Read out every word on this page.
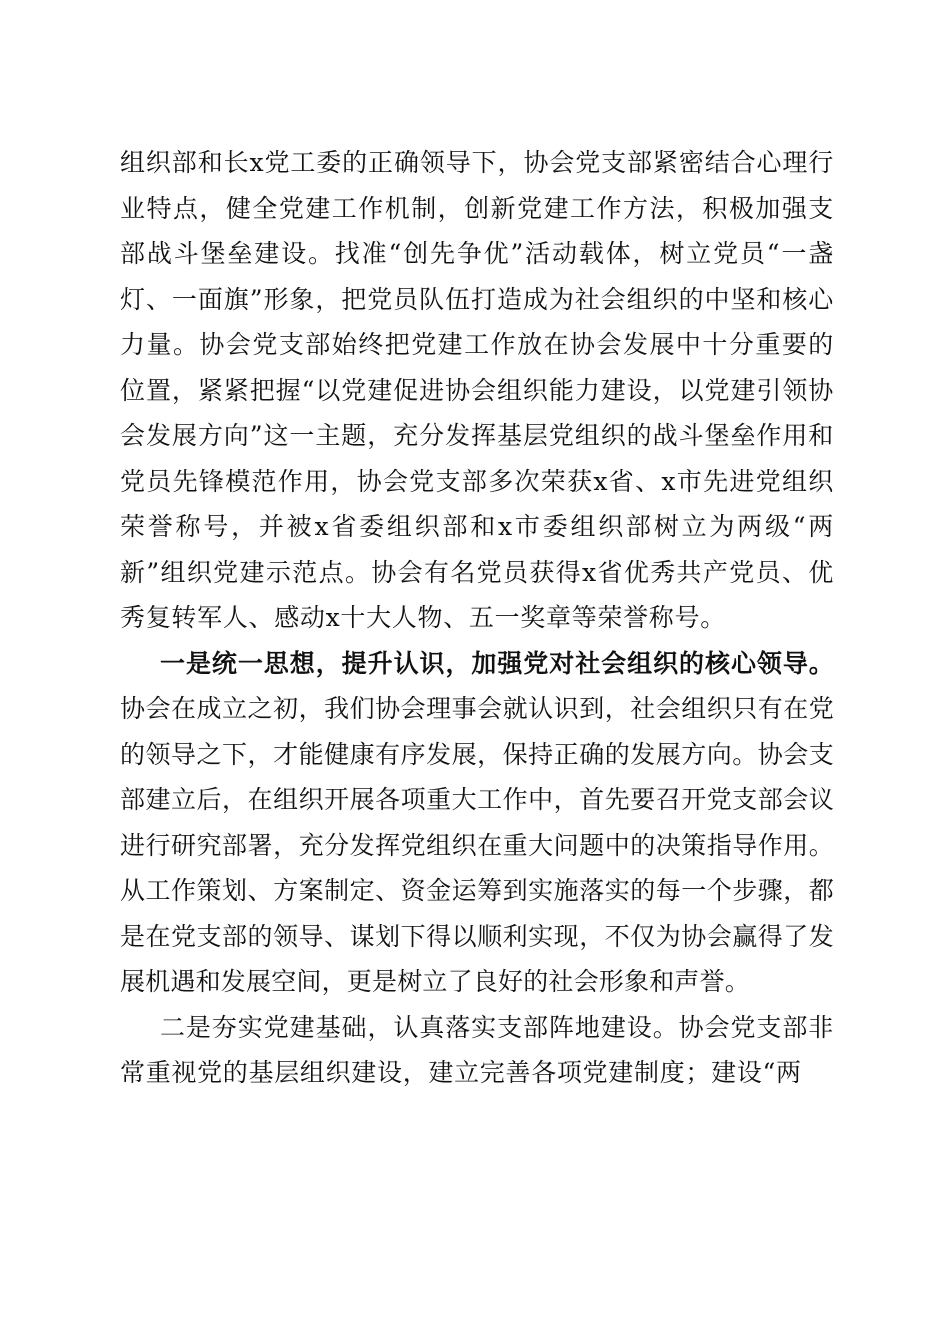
组织部和长x党工委的正确领导下，协会党支部紧密结合心理行业特点，健全党建工作机制，创新党建工作方法，积极加强支部战斗堡垒建设。找准“创先争优”活动载体，树立党员“一盏灯、一面旗”形象，把党员队伍打造成为社会组织的中坚和核心力量。协会党支部始终把党建工作放在协会发展中十分重要的位置，紧紧把握“以党建促进协会组织能力建设，以党建引领协会发展方向”这一主题，充分发挥基层党组织的战斗堡垒作用和党员先锋模范作用，协会党支部多次荣获x省、x市先进党组织荣誉称号，并被x省委组织部和x市委组织部树立为两级“两新”组织党建示范点。协会有名党员获得x省优秀共产党员、优秀复转军人、感动x十大人物、五一奖章等荣誉称号。

一是统一思想，提升认识，加强党对社会组织的核心领导。协会在成立之初，我们协会理事会就认识到，社会组织只有在党的领导之下，才能健康有序发展，保持正确的发展方向。协会支部建立后，在组织开展各项重大工作中，首先要召开党支部会议进行研究部署，充分发挥党组织在重大问题中的决策指导作用。从工作策划、方案制定、资金运筹到实施落实的每一个步骤，都是在党支部的领导、谋划下得以顺利实现，不仅为协会赢得了发展机遇和发展空间，更是树立了良好的社会形象和声誉。

二是夯实党建基础，认真落实支部阵地建设。协会党支部非常重视党的基层组织建设，建立完善各项党建制度；建设“两
